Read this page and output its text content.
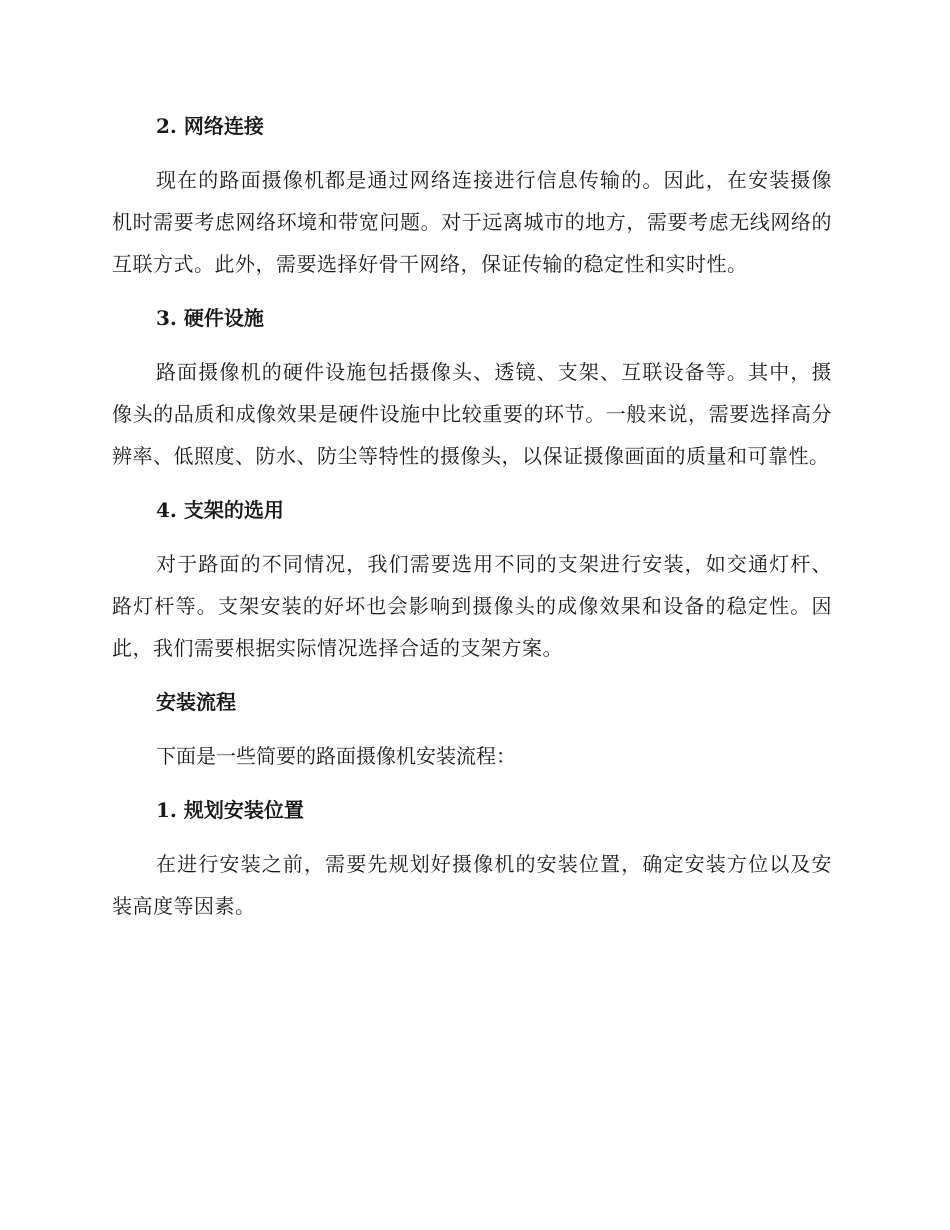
2. 网络连接

现在的路面摄像机都是通过网络连接进行信息传输的。因此，在安装摄像机时需要考虑网络环境和带宽问题。对于远离城市的地方，需要考虑无线网络的互联方式。此外，需要选择好骨干网络，保证传输的稳定性和实时性。

3. 硬件设施

路面摄像机的硬件设施包括摄像头、透镜、支架、互联设备等。其中，摄像头的品质和成像效果是硬件设施中比较重要的环节。一般来说，需要选择高分辨率、低照度、防水、防尘等特性的摄像头，以保证摄像画面的质量和可靠性。

4. 支架的选用

对于路面的不同情况，我们需要选用不同的支架进行安装，如交通灯杆、路灯杆等。支架安装的好坏也会影响到摄像头的成像效果和设备的稳定性。因此，我们需要根据实际情况选择合适的支架方案。

安装流程
下面是一些简要的路面摄像机安装流程：
1. 规划安装位置

在进行安装之前，需要先规划好摄像机的安装位置，确定安装方位以及安装高度等因素。
